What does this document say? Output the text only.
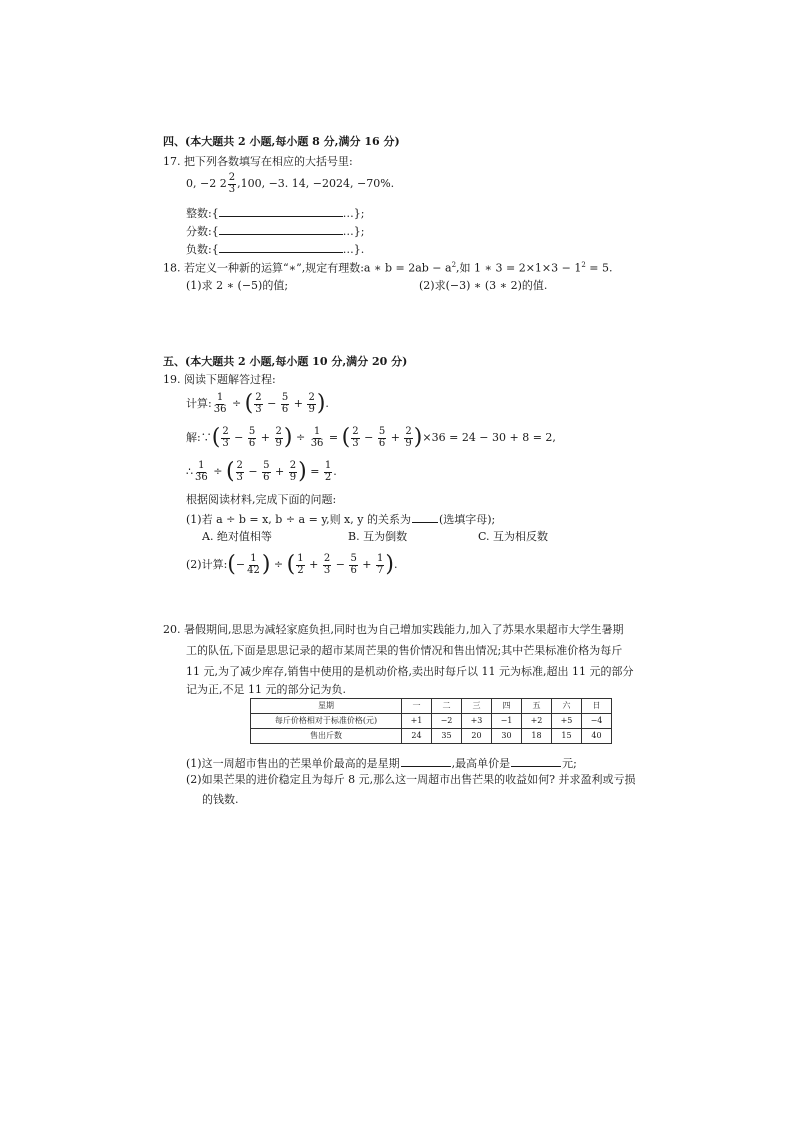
四、(本大题共 2 小题,每小题 8 分,满分 16 分)
17. 把下列各数填写在相应的大括号里:
0, −2 $2 \frac{2}{3} ,100$, −3. 14, −2024, −70%.
整数:{	…};
分数:{	…};
负数:{	…}.
18. 若定义一种新的运算“∗”,规定有理数:a ∗ $b = 2ab - a^2$,如 1 ∗ $3 = 2\times 1\times 3 - 1^2 = 5$.
(1)求 2 ∗ (−5)的值;	(2)求(−3) ∗ (3 ∗ 2)的值.
五、(本大题共 2 小题,每小题 10 分,满分 20 分)
19. 阅读下题解答过程:
计算: $\frac{1}{36}$ ÷ ( $\frac{2}{3} - \frac{5}{6} + \frac{2}{9}$ ).
解:∵( $\frac{2}{3} - \frac{5}{6} + \frac{2}{9}$ ) ÷ $\frac{1}{36}$ = ( $\frac{2}{3} - \frac{5}{6} + \frac{2}{9} )\times 36 = 24 - 30 + 8 = 2$,
∴ $\frac{1}{36}$ ÷ ( $\frac{2}{3} - \frac{5}{6} + \frac{2}{9}$ ) = $\frac{1}{2}$ .
根据阅读材料,完成下面的问题:
(1)若 a ÷ b = x, b ÷ a = y,则 x, y 的关系为	(选填字母);
A. 绝对值相等	B. 互为倒数	C. 互为相反数
(2)计算:(− $\frac{1}{42}$ ) ÷ ( $\frac{1}{2} + \frac{2}{3} - \frac{5}{6} + \frac{1}{7}$ ).
20. 暑假期间,思思为减轻家庭负担,同时也为自己增加实践能力,加入了苏果水果超市大学生暑期
工的队伍,下面是思思记录的超市某周芒果的售价情况和售出情况;其中芒果标准价格为每斤
11 元,为了减少库存,销售中使用的是机动价格,卖出时每斤以 11 元为标准,超出 11 元的部分
记为正,不足 11 元的部分记为负.
星期	一	二	三	四	五	六	日
每斤价格相对于标准价格(元)	+1	−2	+3	−1	+2	+5	−4
售出斤数	24	35	20	30	18	15	40
(1)这一周超市售出的芒果单价最高的是星期	,最高单价是	元;
(2)如果芒果的进价稳定且为每斤 8 元,那么这一周超市出售芒果的收益如何? 并求盈利或亏损
的钱数.
